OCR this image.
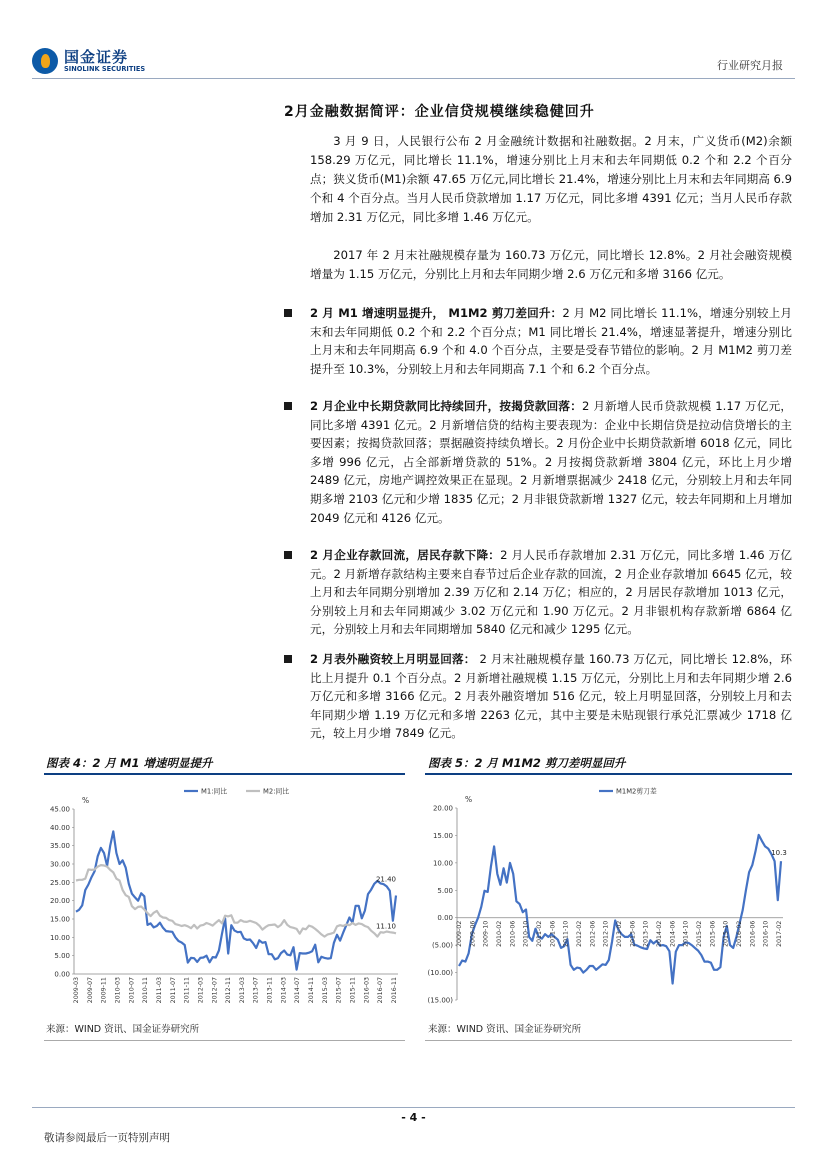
国金证券
SINOLINK SECURITIES	行业研究月报
2月金融数据简评：企业信贷规模继续稳健回升
3 月 9 日，人民银行公布 2 月金融统计数据和社融数据。2 月末，广义货币(M2)余额 158.29 万亿元，同比增长 11.1%，增速分别比上月末和去年同期低 0.2 个和 2.2 个百分点；狭义货币(M1)余额 47.65 万亿元,同比增长 21.4%，增速分别比上月末和去年同期高 6.9 个和 4 个百分点。当月人民币贷款增加 1.17 万亿元，同比多增 4391 亿元；当月人民币存款增加 2.31 万亿元，同比多增 1.46 万亿元。
2017 年 2 月末社融规模存量为 160.73 万亿元，同比增长 12.8%。2 月社会融资规模增量为 1.15 万亿元，分别比上月和去年同期少增 2.6 万亿元和多增 3166 亿元。
2 月 M1 增速明显提升， M1M2 剪刀差回升：2 月 M2 同比增长 11.1%，增速分别较上月末和去年同期低 0.2 个和 2.2 个百分点；M1 同比增长 21.4%，增速显著提升，增速分别比上月末和去年同期高 6.9 个和 4.0 个百分点，主要是受春节错位的影响。2 月 M1M2 剪刀差提升至 10.3%，分别较上月和去年同期高 7.1 个和 6.2 个百分点。
2 月企业中长期贷款同比持续回升，按揭贷款回落：2 月新增人民币贷款规模 1.17 万亿元，同比多增 4391 亿元。2 月新增信贷的结构主要表现为：企业中长期信贷是拉动信贷增长的主要因素；按揭贷款回落；票据融资持续负增长。2 月份企业中长期贷款新增 6018 亿元，同比多增 996 亿元，占全部新增贷款的 51%。2 月按揭贷款新增 3804 亿元，环比上月少增 2489 亿元，房地产调控效果正在显现。2 月新增票据减少 2418 亿元，分别较上月和去年同期多增 2103 亿元和少增 1835 亿元；2 月非银贷款新增 1327 亿元，较去年同期和上月增加 2049 亿元和 4126 亿元。
2 月企业存款回流，居民存款下降：2 月人民币存款增加 2.31 万亿元，同比多增 1.46 万亿元。2 月新增存款结构主要来自春节过后企业存款的回流，2 月企业存款增加 6645 亿元，较上月和去年同期分别增加 2.39 万亿和 2.14 万亿；相应的，2 月居民存款增加 1013 亿元，分别较上月和去年同期减少 3.02 万亿元和 1.90 万亿元。2 月非银机构存款新增 6864 亿元，分别较上月和去年同期增加 5840 亿元和减少 1295 亿元。
2 月表外融资较上月明显回落： 2 月末社融规模存量 160.73 万亿元，同比增长 12.8%，环比上月提升 0.1 个百分点。2 月新增社融规模 1.15 万亿元，分别比上月和去年同期少增 2.6 万亿元和多增 3166 亿元。2 月表外融资增加 516 亿元，较上月明显回落，分别较上月和去年同期少增 1.19 万亿元和多增 2263 亿元，其中主要是未贴现银行承兑汇票减少 1718 亿元，较上月少增 7849 亿元。
图表 4：2 月 M1 增速明显提升
%
45.00
40.00
35.00
30.00
25.00
20.00
15.00
10.00
5.00
0.00
M1:同比	M2:同比
2009-03 2009-07 2009-11 2010-03 2010-07 2010-11 2011-03 2011-07 2011-11 2012-03 2012-07 2012-11 2013-03 2013-07 2013-11 2014-03 2014-07 2014-11 2015-03 2015-07 2015-11 2016-03 2016-07 2016-11
21.40
11.10
来源：WIND 资讯、国金证券研究所
图表 5：2 月 M1M2 剪刀差明显回升
%
20.00
15.00
10.00
5.00
0.00
(5.00)
(10.00)
(15.00)
M1M2剪刀差
2009-02 2009-06 2009-10 2010-02 2010-06 2010-10 2011-02 2011-06 2011-10 2012-02 2012-06 2012-10 2013-02 2013-06 2013-10 2014-02 2014-06 2014-10 2015-02 2015-06 2015-10 2016-02 2016-06 2016-10 2017-02
10.3
来源：WIND 资讯、国金证券研究所
- 4 -
敬请参阅最后一页特别声明
